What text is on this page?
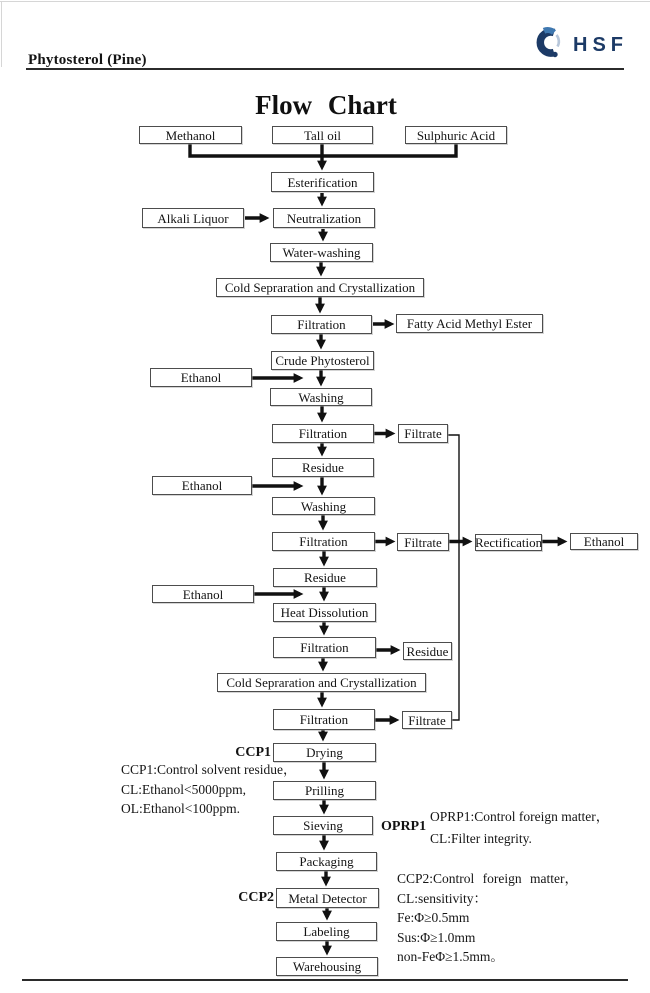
Phytosterol (Pine)
HSF
Flow Chart
Methanol	Tall oil	Sulphuric Acid
Esterification
Alkali Liquor	Neutralization
Water-washing
Cold Sepraration and Crystallization
Filtration	Fatty Acid Methyl Ester
Crude Phytosterol
Ethanol
Washing
Filtration	Filtrate
Residue
Ethanol
Washing
Filtration	Filtrate	Rectification	Ethanol
Residue
Ethanol
Heat Dissolution
Filtration	Residue
Cold Sepraration and Crystallization
Filtration	Filtrate
Drying
Prilling
Sieving
Packaging
Metal Detector
Labeling
Warehousing
CCP1
OPRP1
CCP2
CCP1:Control solvent residue，
CL:Ethanol<5000ppm,
OL:Ethanol<100ppm.
OPRP1:Control foreign matter，
CL:Filter integrity.
CCP2:Control foreign matter，
CL:sensitivity：
Fe:Φ≥0.5mm
Sus:Φ≥1.0mm
non-FeΦ≥1.5mm。
